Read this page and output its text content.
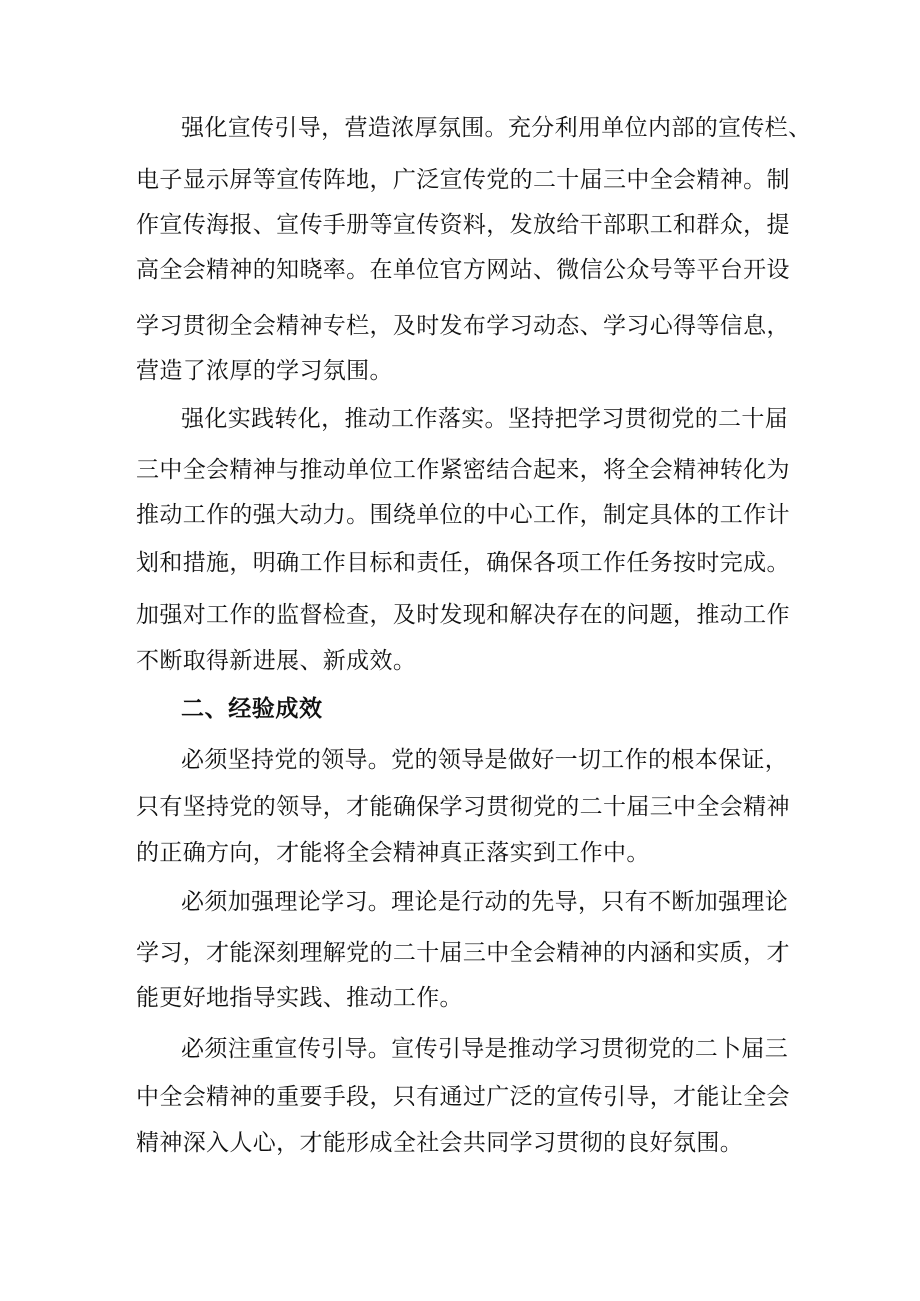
强化宣传引导，营造浓厚氛围。充分利用单位内部的宣传栏、
电子显示屏等宣传阵地，广泛宣传党的二十届三中全会精神。制
作宣传海报、宣传手册等宣传资料，发放给干部职工和群众，提
高全会精神的知晓率。在单位官方网站、微信公众号等平台开设
学习贯彻全会精神专栏，及时发布学习动态、学习心得等信息，
营造了浓厚的学习氛围。
强化实践转化，推动工作落实。坚持把学习贯彻党的二十届
三中全会精神与推动单位工作紧密结合起来，将全会精神转化为
推动工作的强大动力。围绕单位的中心工作，制定具体的工作计
划和措施，明确工作目标和责任，确保各项工作任务按时完成。
加强对工作的监督检查，及时发现和解决存在的问题，推动工作
不断取得新进展、新成效。
二、经验成效
必须坚持党的领导。党的领导是做好一切工作的根本保证，
只有坚持党的领导，才能确保学习贯彻党的二十届三中全会精神
的正确方向，才能将全会精神真正落实到工作中。
必须加强理论学习。理论是行动的先导，只有不断加强理论
学习，才能深刻理解党的二十届三中全会精神的内涵和实质，才
能更好地指导实践、推动工作。
必须注重宣传引导。宣传引导是推动学习贯彻党的二卜届三
中全会精神的重要手段，只有通过广泛的宣传引导，才能让全会
精神深入人心，才能形成全社会共同学习贯彻的良好氛围。
